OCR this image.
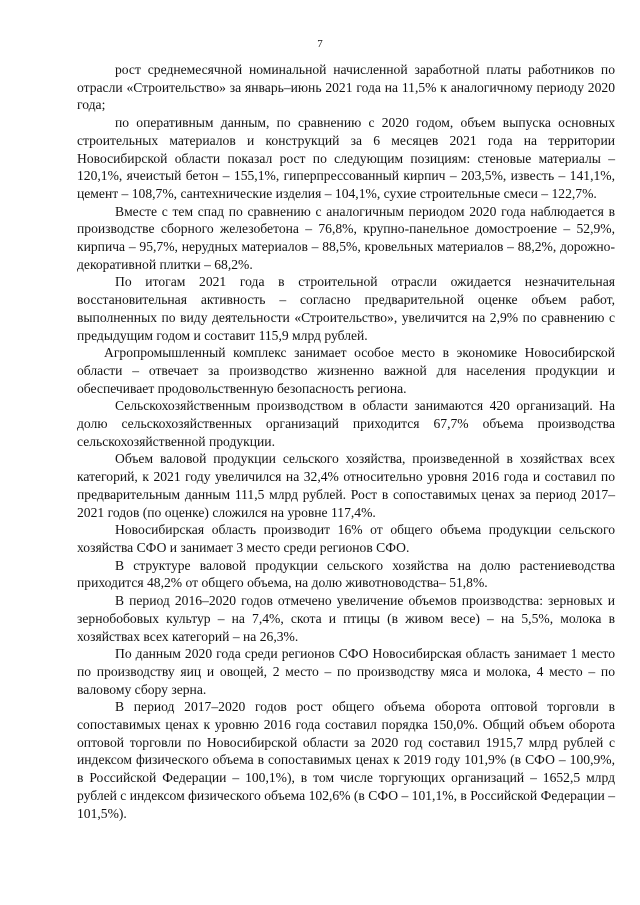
7

рост среднемесячной номинальной начисленной заработной платы работников по отрасли «Строительство» за январь–июнь 2021 года на 11,5% к аналогичному периоду 2020 года;

по оперативным данным, по сравнению с 2020 годом, объем выпуска основных строительных материалов и конструкций за 6 месяцев 2021 года на территории Новосибирской области показал рост по следующим позициям: стеновые материалы – 120,1%, ячеистый бетон – 155,1%, гиперпрессованный кирпич – 203,5%, известь – 141,1%, цемент – 108,7%, сантехнические изделия – 104,1%, сухие строительные смеси – 122,7%.

Вместе с тем спад по сравнению с аналогичным периодом 2020 года наблюдается в производстве сборного железобетона – 76,8%, крупно-панельное домостроение – 52,9%, кирпича – 95,7%, нерудных материалов – 88,5%, кровельных материалов – 88,2%, дорожно-декоративной плитки – 68,2%.

По итогам 2021 года в строительной отрасли ожидается незначительная восстановительная активность – согласно предварительной оценке объем работ, выполненных по виду деятельности «Строительство», увеличится на 2,9% по сравнению с предыдущим годом и составит 115,9 млрд рублей.

Агропромышленный комплекс занимает особое место в экономике Новосибирской области – отвечает за производство жизненно важной для населения продукции и обеспечивает продовольственную безопасность региона.

Сельскохозяйственным производством в области занимаются 420 организаций. На долю сельскохозяйственных организаций приходится 67,7% объема производства сельскохозяйственной продукции.

Объем валовой продукции сельского хозяйства, произведенной в хозяйствах всех категорий, к 2021 году увеличился на 32,4% относительно уровня 2016 года и составил по предварительным данным 111,5 млрд рублей. Рост в сопоставимых ценах за период 2017–2021 годов (по оценке) сложился на уровне 117,4%.

Новосибирская область производит 16% от общего объема продукции сельского хозяйства СФО и занимает 3 место среди регионов СФО.

В структуре валовой продукции сельского хозяйства на долю растениеводства приходится 48,2% от общего объема, на долю животноводства– 51,8%.

В период 2016–2020 годов отмечено увеличение объемов производства: зерновых и зернобобовых культур – на 7,4%, скота и птицы (в живом весе) – на 5,5%, молока в хозяйствах всех категорий – на 26,3%.

По данным 2020 года среди регионов СФО Новосибирская область занимает 1 место по производству яиц и овощей, 2 место – по производству мяса и молока, 4 место – по валовому сбору зерна.

В период 2017–2020 годов рост общего объема оборота оптовой торговли в сопоставимых ценах к уровню 2016 года составил порядка 150,0%. Общий объем оборота оптовой торговли по Новосибирской области за 2020 год составил 1915,7 млрд рублей с индексом физического объема в сопоставимых ценах к 2019 году 101,9% (в СФО – 100,9%, в Российской Федерации – 100,1%), в том числе торгующих организаций – 1652,5 млрд рублей с индексом физического объема 102,6% (в СФО – 101,1%, в Российской Федерации – 101,5%).
